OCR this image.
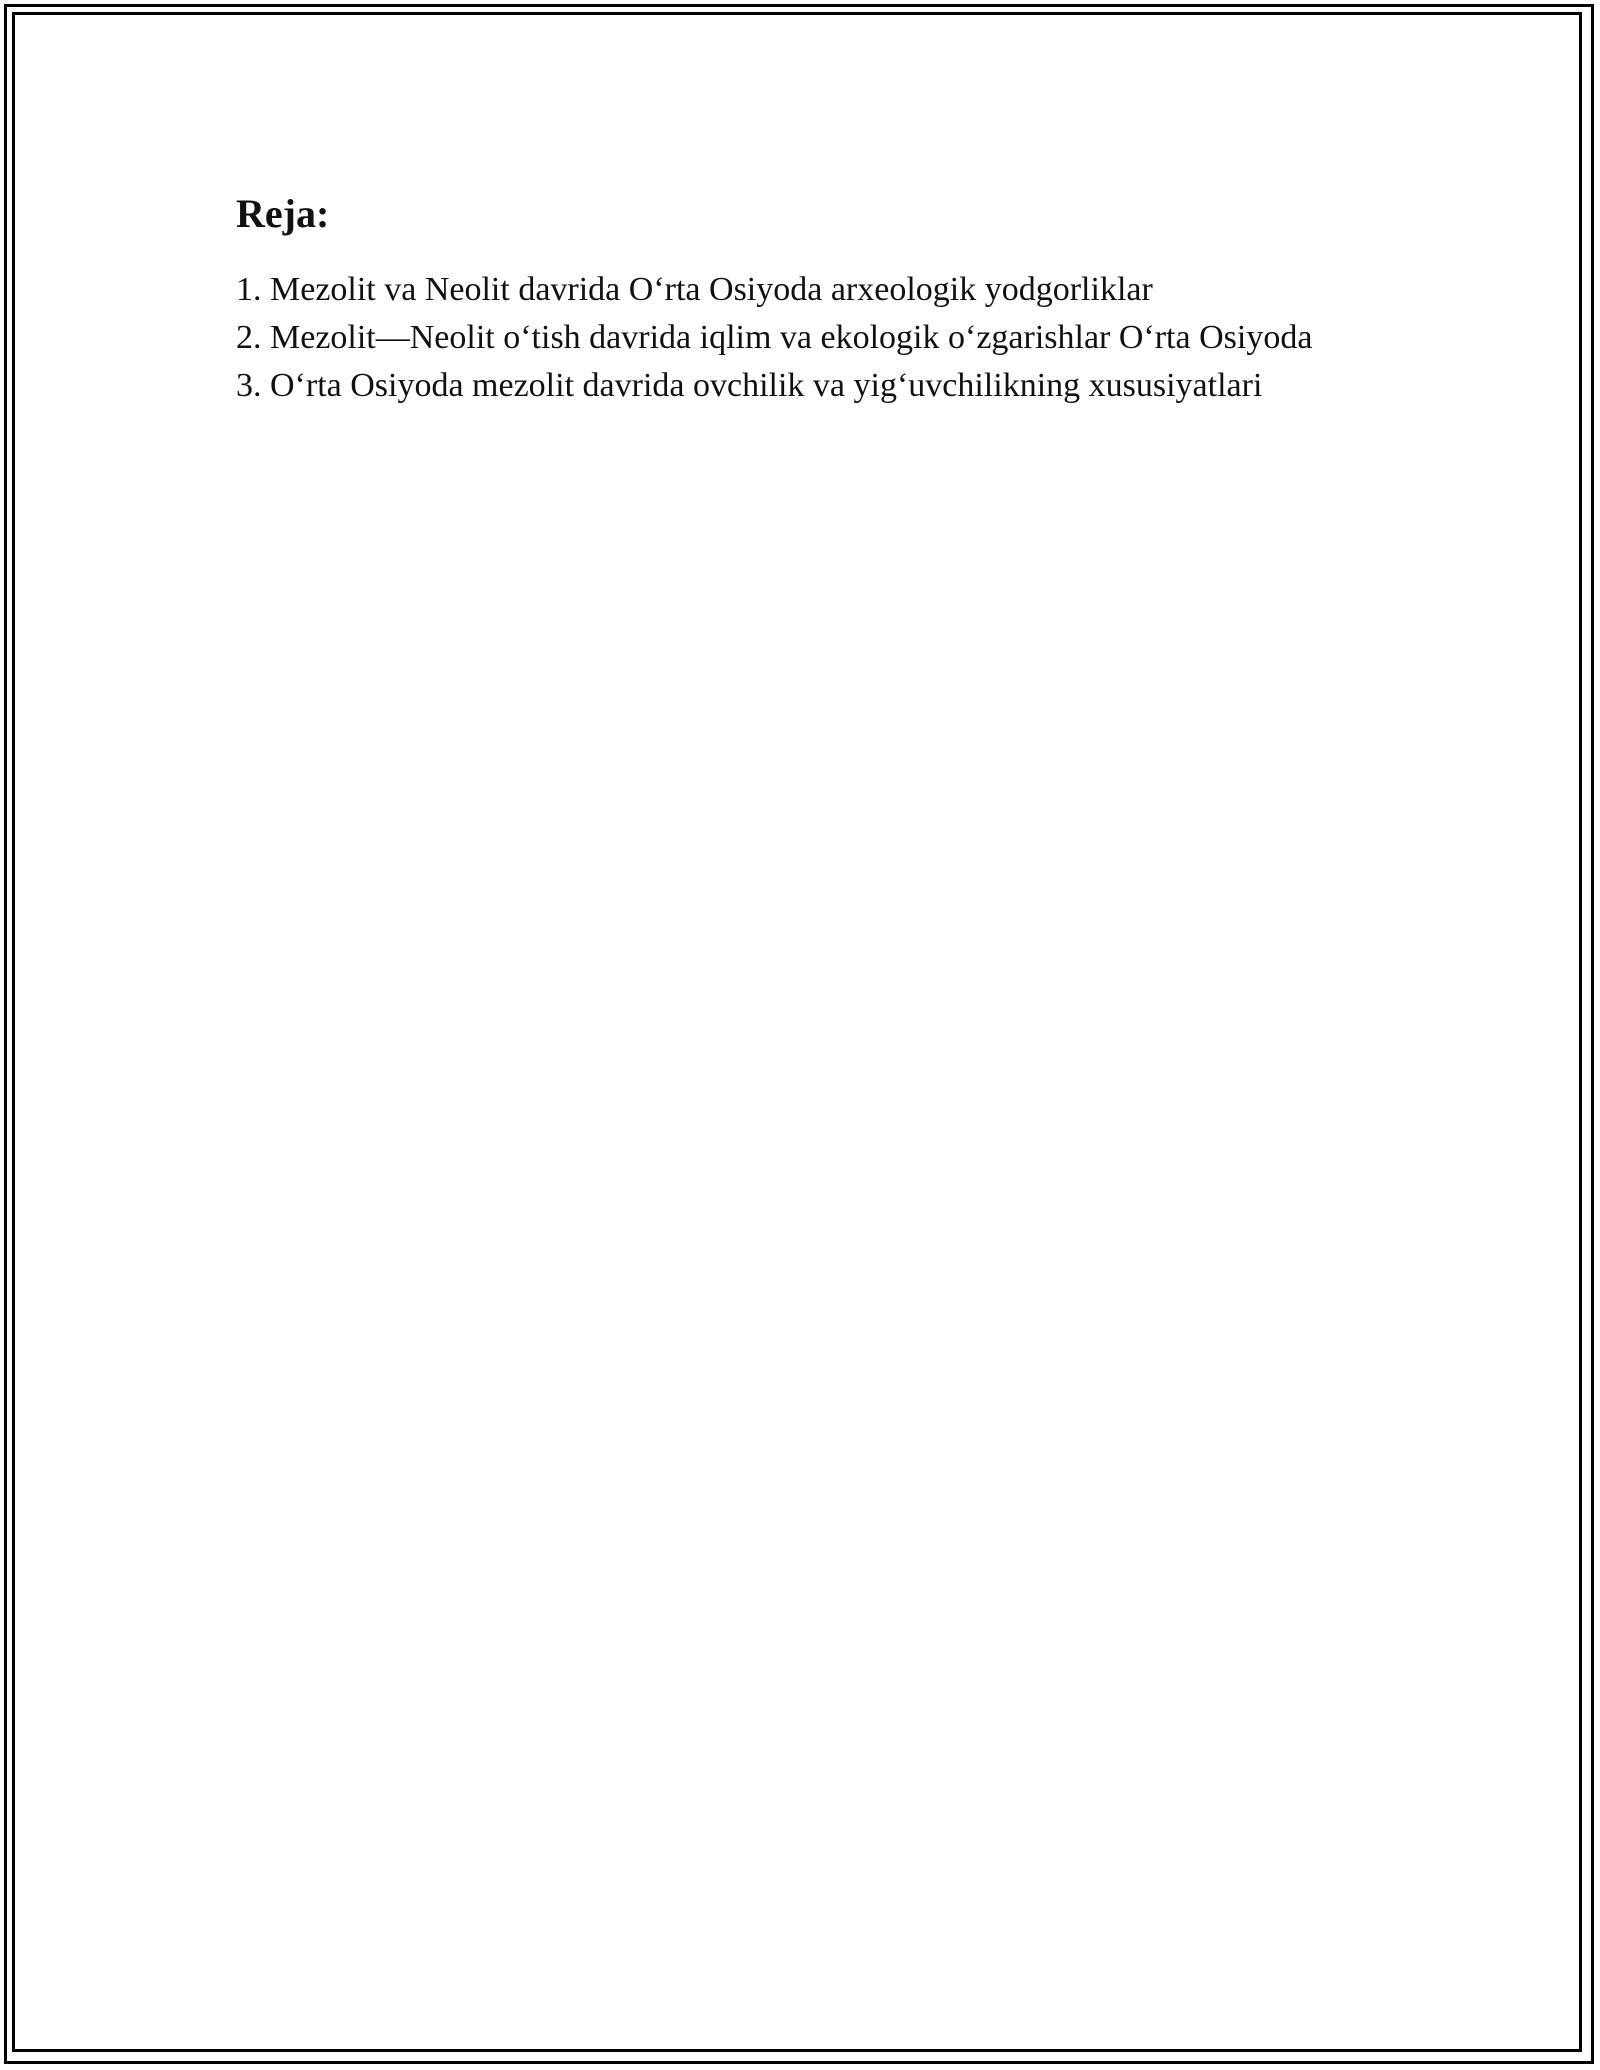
Reja:
1. Mezolit va Neolit davrida O‘rta Osiyoda arxeologik yodgorliklar
2. Mezolit—Neolit o‘tish davrida iqlim va ekologik o‘zgarishlar O‘rta Osiyoda
3. O‘rta Osiyoda mezolit davrida ovchilik va yig‘uvchilikning xususiyatlari
